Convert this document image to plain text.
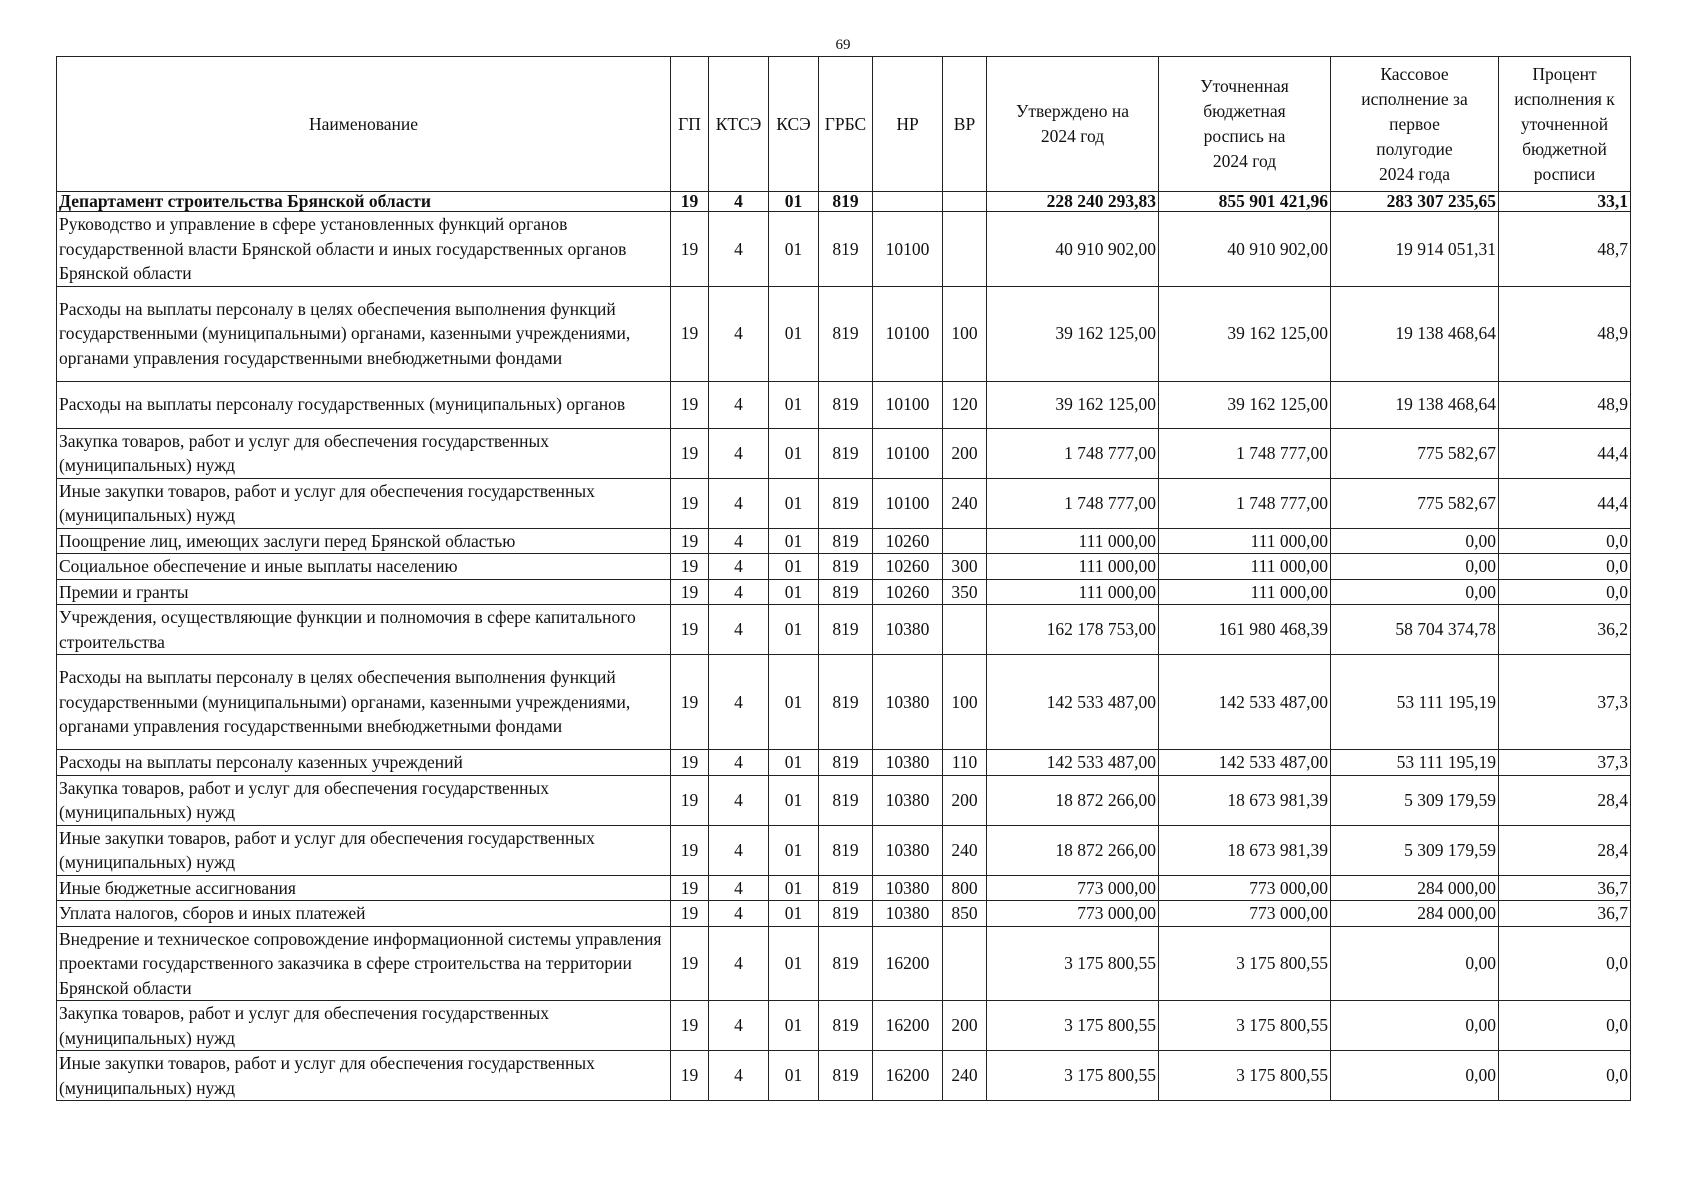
69
Наименование	ГП	КТСЭ	КСЭ	ГРБС	НР	ВР	Утверждено на 2024 год	Уточненная бюджетная роспись на 2024 год	Кассовое исполнение за первое полугодие 2024 года	Процент исполнения к уточненной бюджетной росписи
Департамент строительства Брянской области	19	4	01	819			228 240 293,83	855 901 421,96	283 307 235,65	33,1
Руководство и управление в сфере установленных функций органов государственной власти Брянской области и иных государственных органов Брянской области	19	4	01	819	10100		40 910 902,00	40 910 902,00	19 914 051,31	48,7
Расходы на выплаты персоналу в целях обеспечения выполнения функций государственными (муниципальными) органами, казенными учреждениями, органами управления государственными внебюджетными фондами	19	4	01	819	10100	100	39 162 125,00	39 162 125,00	19 138 468,64	48,9
Расходы на выплаты персоналу государственных (муниципальных) органов	19	4	01	819	10100	120	39 162 125,00	39 162 125,00	19 138 468,64	48,9
Закупка товаров, работ и услуг для обеспечения государственных (муниципальных) нужд	19	4	01	819	10100	200	1 748 777,00	1 748 777,00	775 582,67	44,4
Иные закупки товаров, работ и услуг для обеспечения государственных (муниципальных) нужд	19	4	01	819	10100	240	1 748 777,00	1 748 777,00	775 582,67	44,4
Поощрение лиц, имеющих заслуги перед Брянской областью	19	4	01	819	10260		111 000,00	111 000,00	0,00	0,0
Социальное обеспечение и иные выплаты населению	19	4	01	819	10260	300	111 000,00	111 000,00	0,00	0,0
Премии и гранты	19	4	01	819	10260	350	111 000,00	111 000,00	0,00	0,0
Учреждения, осуществляющие функции и полномочия в сфере капитального строительства	19	4	01	819	10380		162 178 753,00	161 980 468,39	58 704 374,78	36,2
Расходы на выплаты персоналу в целях обеспечения выполнения функций государственными (муниципальными) органами, казенными учреждениями, органами управления государственными внебюджетными фондами	19	4	01	819	10380	100	142 533 487,00	142 533 487,00	53 111 195,19	37,3
Расходы на выплаты персоналу казенных учреждений	19	4	01	819	10380	110	142 533 487,00	142 533 487,00	53 111 195,19	37,3
Закупка товаров, работ и услуг для обеспечения государственных (муниципальных) нужд	19	4	01	819	10380	200	18 872 266,00	18 673 981,39	5 309 179,59	28,4
Иные закупки товаров, работ и услуг для обеспечения государственных (муниципальных) нужд	19	4	01	819	10380	240	18 872 266,00	18 673 981,39	5 309 179,59	28,4
Иные бюджетные ассигнования	19	4	01	819	10380	800	773 000,00	773 000,00	284 000,00	36,7
Уплата налогов, сборов и иных платежей	19	4	01	819	10380	850	773 000,00	773 000,00	284 000,00	36,7
Внедрение и техническое сопровождение информационной системы управления проектами государственного заказчика в сфере строительства на территории Брянской области	19	4	01	819	16200		3 175 800,55	3 175 800,55	0,00	0,0
Закупка товаров, работ и услуг для обеспечения государственных (муниципальных) нужд	19	4	01	819	16200	200	3 175 800,55	3 175 800,55	0,00	0,0
Иные закупки товаров, работ и услуг для обеспечения государственных (муниципальных) нужд	19	4	01	819	16200	240	3 175 800,55	3 175 800,55	0,00	0,0
